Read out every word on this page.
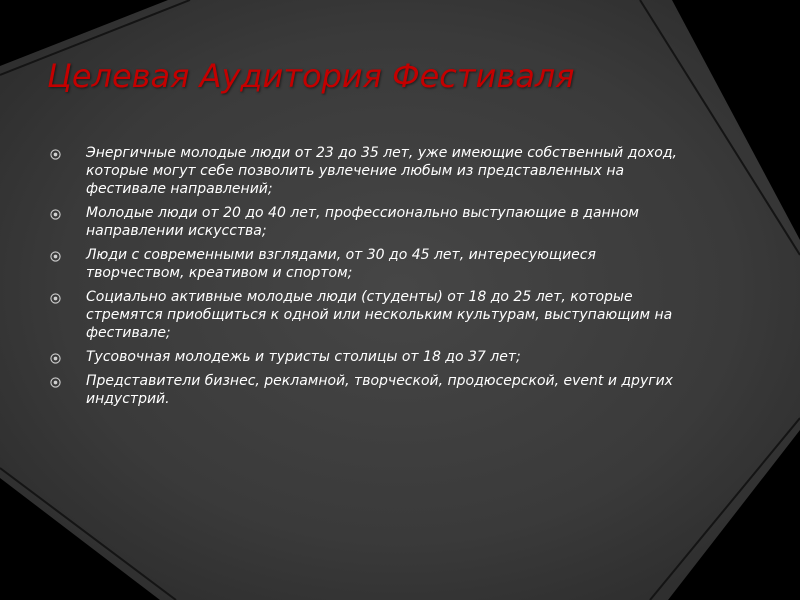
Целевая Аудитория Фестиваля
Энергичные молодые люди от 23 до 35 лет, уже имеющие собственный доход, которые могут себе позволить увлечение любым из представленных на фестивале направлений;
Молодые люди от 20 до 40 лет, профессионально выступающие в данном направлении искусства;
Люди с современными взглядами, от 30 до 45 лет, интересующиеся творчеством, креативом и спортом;
Социально активные молодые люди (студенты) от 18 до 25 лет, которые стремятся приобщиться к одной или нескольким культурам, выступающим на фестивале;
Тусовочная молодежь и туристы столицы от 18 до 37 лет;
Представители бизнес, рекламной, творческой, продюсерской, event и других индустрий.
